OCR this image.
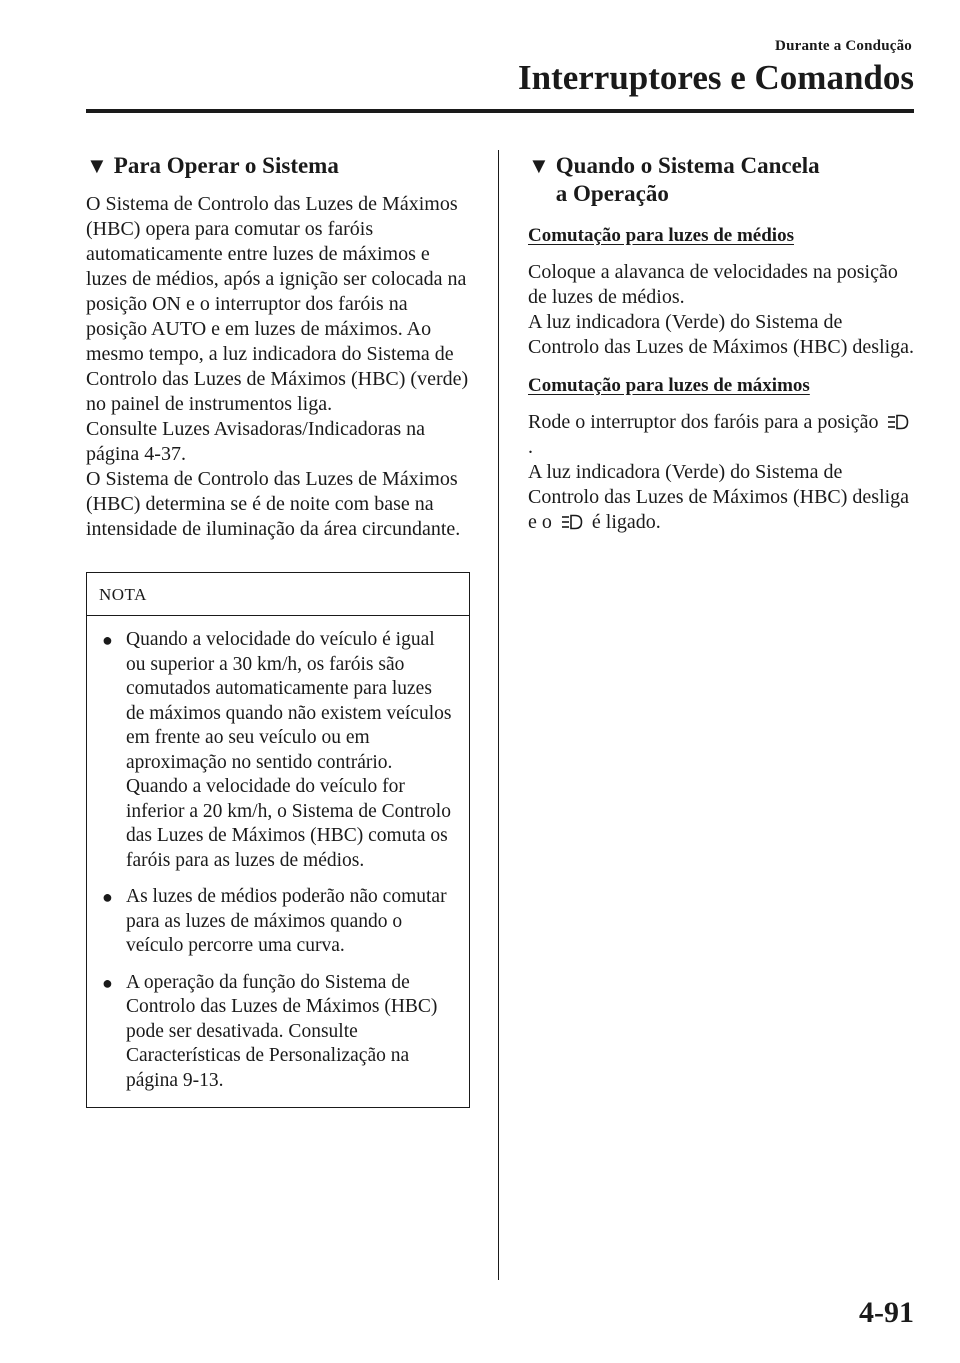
Durante a Condução
Interruptores e Comandos
▼ Para Operar o Sistema

O Sistema de Controlo das Luzes de Máximos (HBC) opera para comutar os faróis automaticamente entre luzes de máximos e luzes de médios, após a ignição ser colocada na posição ON e o interruptor dos faróis na posição AUTO e em luzes de máximos. Ao mesmo tempo, a luz indicadora do Sistema de Controlo das Luzes de Máximos (HBC) (verde) no painel de instrumentos liga.

Consulte Luzes Avisadoras/Indicadoras na página 4-37.

O Sistema de Controlo das Luzes de Máximos (HBC) determina se é de noite com base na intensidade de iluminação da área circundante.

NOTA
● Quando a velocidade do veículo é igual ou superior a 30 km/h, os faróis são comutados automaticamente para luzes de máximos quando não existem veículos em frente ao seu veículo ou em aproximação no sentido contrário.
Quando a velocidade do veículo for inferior a 20 km/h, o Sistema de Controlo das Luzes de Máximos (HBC) comuta os faróis para as luzes de médios.
● As luzes de médios poderão não comutar para as luzes de máximos quando o veículo percorre uma curva.
● A operação da função do Sistema de Controlo das Luzes de Máximos (HBC) pode ser desativada. Consulte Características de Personalização na página 9-13.
▼ Quando o Sistema Cancela
a Operação
Comutação para luzes de médios

Coloque a alavanca de velocidades na posição de luzes de médios.

A luz indicadora (Verde) do Sistema de Controlo das Luzes de Máximos (HBC) desliga.

Comutação para luzes de máximos

Rode o interruptor dos faróis para a posição .
A luz indicadora (Verde) do Sistema de Controlo das Luzes de Máximos (HBC) desliga e o é ligado.

4-91
